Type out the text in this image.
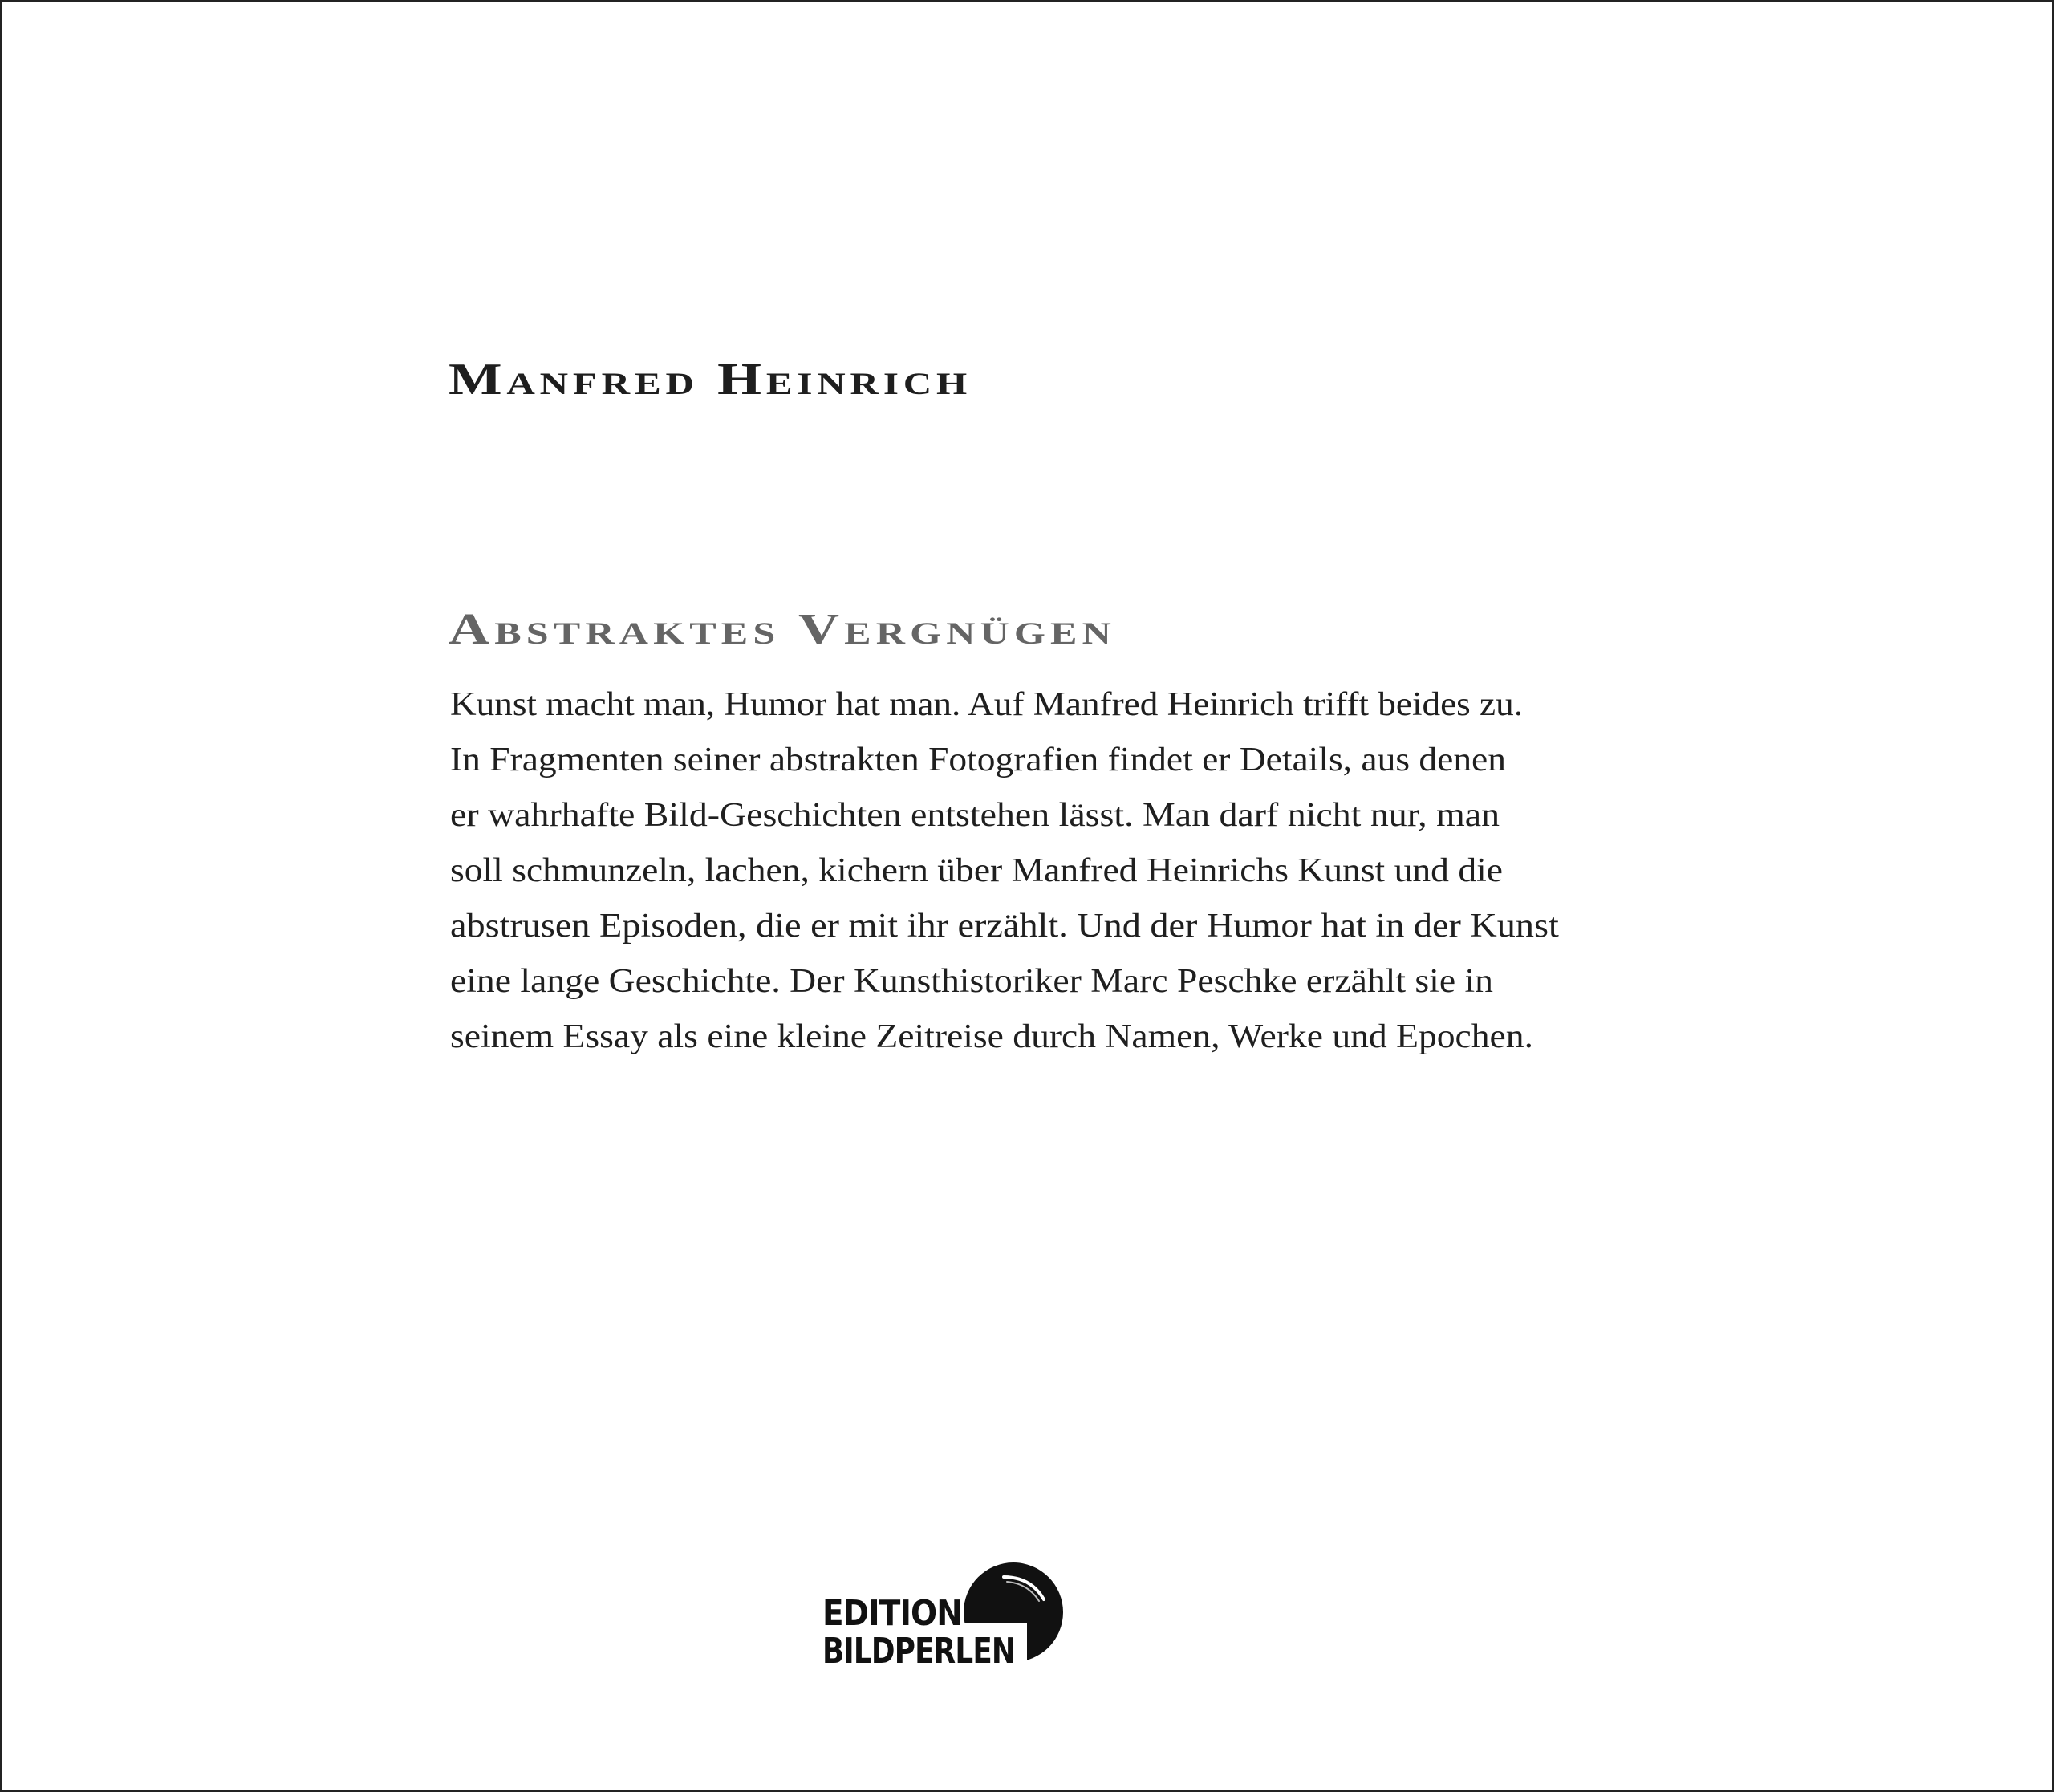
Manfred Heinrich
Abstraktes Vergnügen
Kunst macht man, Humor hat man. Auf Manfred Heinrich trifft beides zu.
In Fragmenten seiner abstrakten Fotografien findet er Details, aus denen
er wahrhafte Bild-Geschichten entstehen lässt. Man darf nicht nur, man
soll schmunzeln, lachen, kichern über Manfred Heinrichs Kunst und die
abstrusen Episoden, die er mit ihr erzählt. Und der Humor hat in der Kunst
eine lange Geschichte. Der Kunsthistoriker Marc Peschke erzählt sie in
seinem Essay als eine kleine Zeitreise durch Namen, Werke und Epochen.
EDITION
BILDPERLEN
